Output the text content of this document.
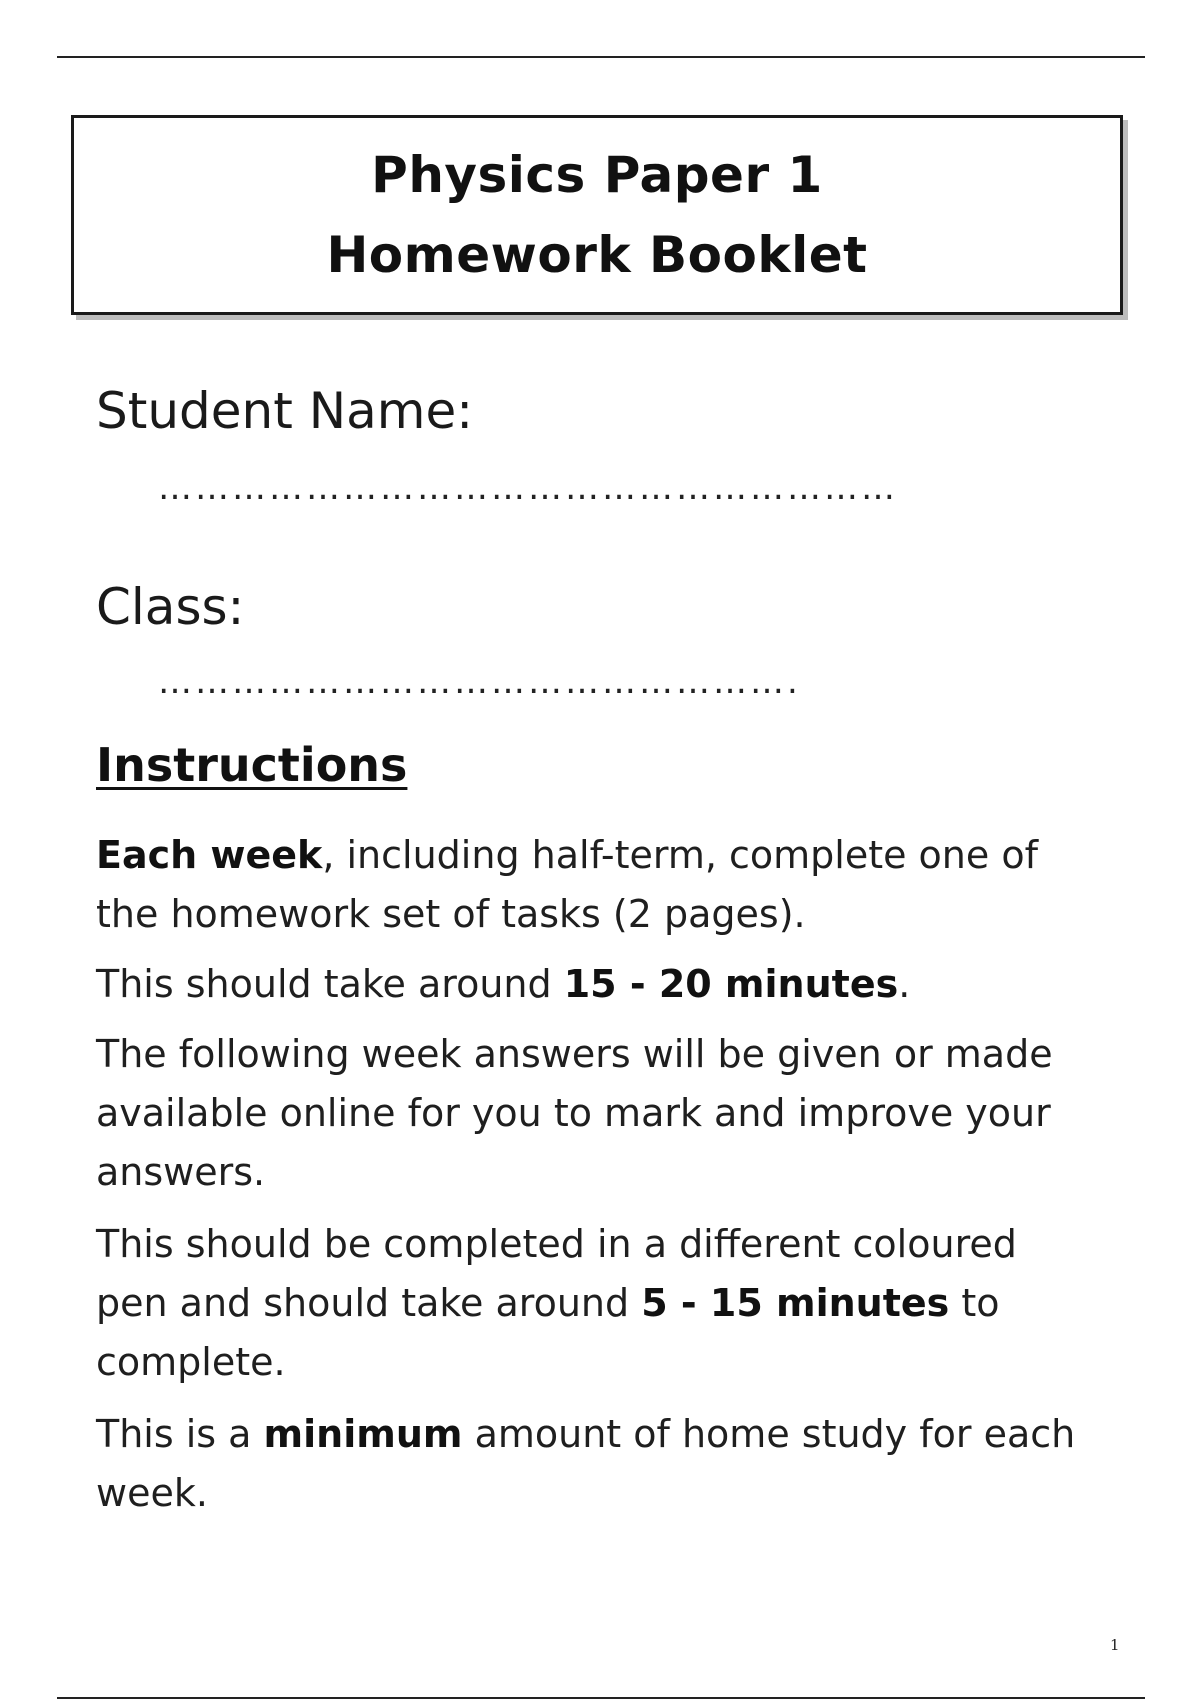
Physics Paper 1
Homework Booklet
Student Name:
……………………………………………………
Class:
…………………………………………….
Instructions

Each week, including half-term, complete one of the homework set of tasks (2 pages).

This should take around 15 - 20 minutes.

The following week answers will be given or made available online for you to mark and improve your answers.

This should be completed in a different coloured pen and should take around 5 - 15 minutes to complete.

This is a minimum amount of home study for each week.

1
